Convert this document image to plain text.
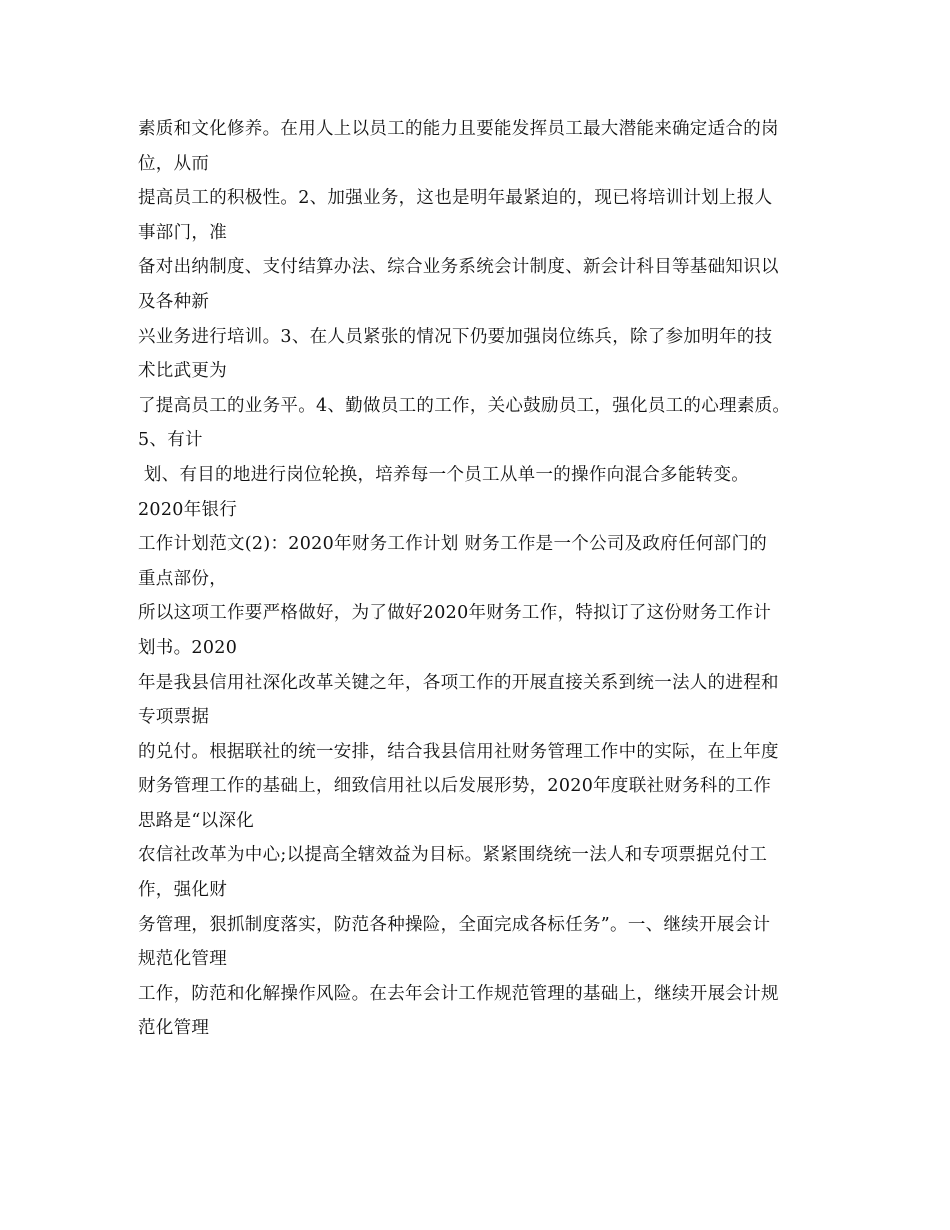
素质和文化修养。在用人上以员工的能力且要能发挥员工最大潜能来确定适合的岗
位，从而
提高员工的积极性。2、加强业务，这也是明年最紧迫的，现已将培训计划上报人
事部门，准
备对出纳制度、支付结算办法、综合业务系统会计制度、新会计科目等基础知识以
及各种新
兴业务进行培训。3、在人员紧张的情况下仍要加强岗位练兵，除了参加明年的技
术比武更为
了提高员工的业务平。4、勤做员工的工作，关心鼓励员工，强化员工的心理素质。
5、有计
划、有目的地进行岗位轮换，培养每一个员工从单一的操作向混合多能转变。
2020年银行
工作计划范文(2)：2020年财务工作计划 财务工作是一个公司及政府任何部门的
重点部份，
所以这项工作要严格做好，为了做好2020年财务工作，特拟订了这份财务工作计
划书。2020
年是我县信用社深化改革关键之年，各项工作的开展直接关系到统一法人的进程和
专项票据
的兑付。根据联社的统一安排，结合我县信用社财务管理工作中的实际，在上年度
财务管理工作的基础上，细致信用社以后发展形势，2020年度联社财务科的工作
思路是“以深化
农信社改革为中心;以提高全辖效益为目标。紧紧围绕统一法人和专项票据兑付工
作，强化财
务管理，狠抓制度落实，防范各种操险，全面完成各标任务”。一、继续开展会计
规范化管理
工作，防范和化解操作风险。在去年会计工作规范管理的基础上，继续开展会计规
范化管理
